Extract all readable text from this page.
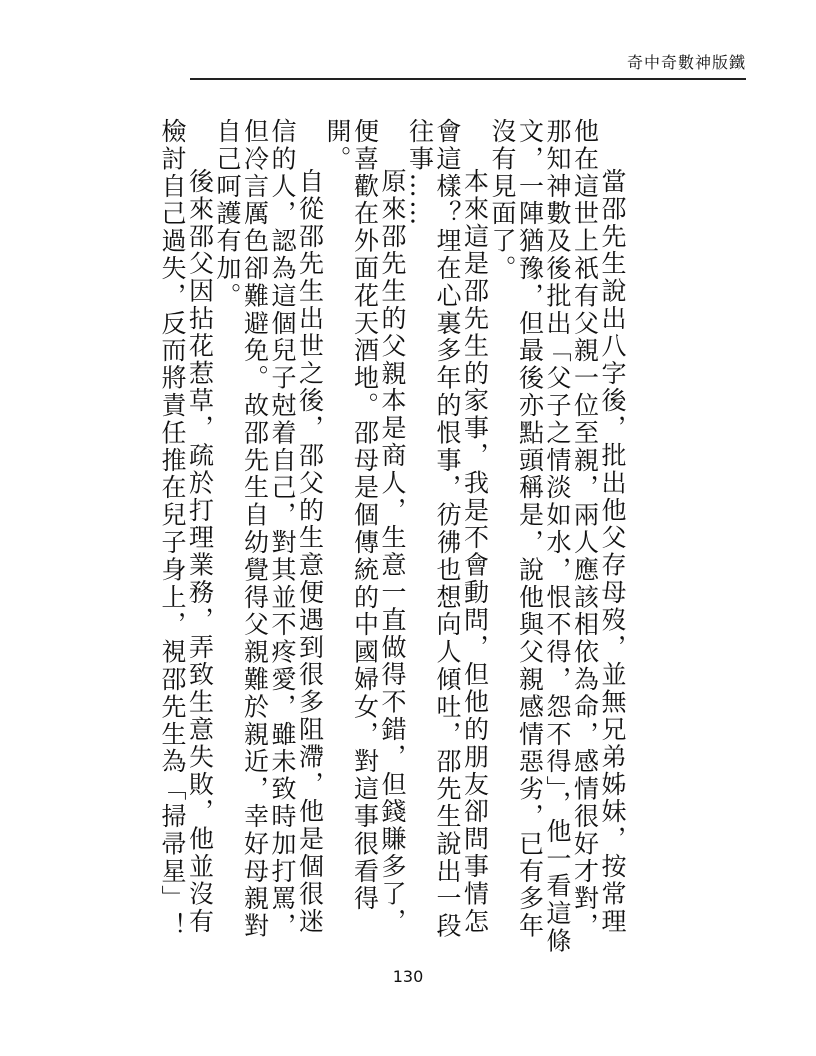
奇中奇數神版鐵

當邵先生說出八字後，批出他父存母歿，並無兄弟姊妹，按常理他在這世上祇有父親一位至親，兩人應該相依為命，感情很好才對，那知神數及後批出「父子之情淡如水，恨不得，怨不得」，他一看這條文，一陣猶豫，但最後亦點頭稱是，說他與父親感情惡劣，已有多年沒有見面了。

本來這是邵先生的家事，我是不會動問，但他的朋友卻問事情怎會這樣？埋在心裏多年的恨事，彷彿也想向人傾吐，邵先生說出一段往事……

原來邵先生的父親本是商人，生意一直做得不錯，但錢賺多了，便喜歡在外面花天酒地。邵母是個傳統的中國婦女，對這事很看得開。

自從邵先生出世之後，邵父的生意便遇到很多阻滯，他是個很迷信的人，認為這個兒子尅着自己，對其並不疼愛，雖未致時加打罵，但冷言厲色卻難避免。故邵先生自幼覺得父親難於親近，幸好母親對自己呵護有加。

後來邵父因拈花惹草，疏於打理業務，弄致生意失敗，他並沒有檢討自己過失，反而將責任推在兒子身上，視邵先生為「掃帚星」！

130
